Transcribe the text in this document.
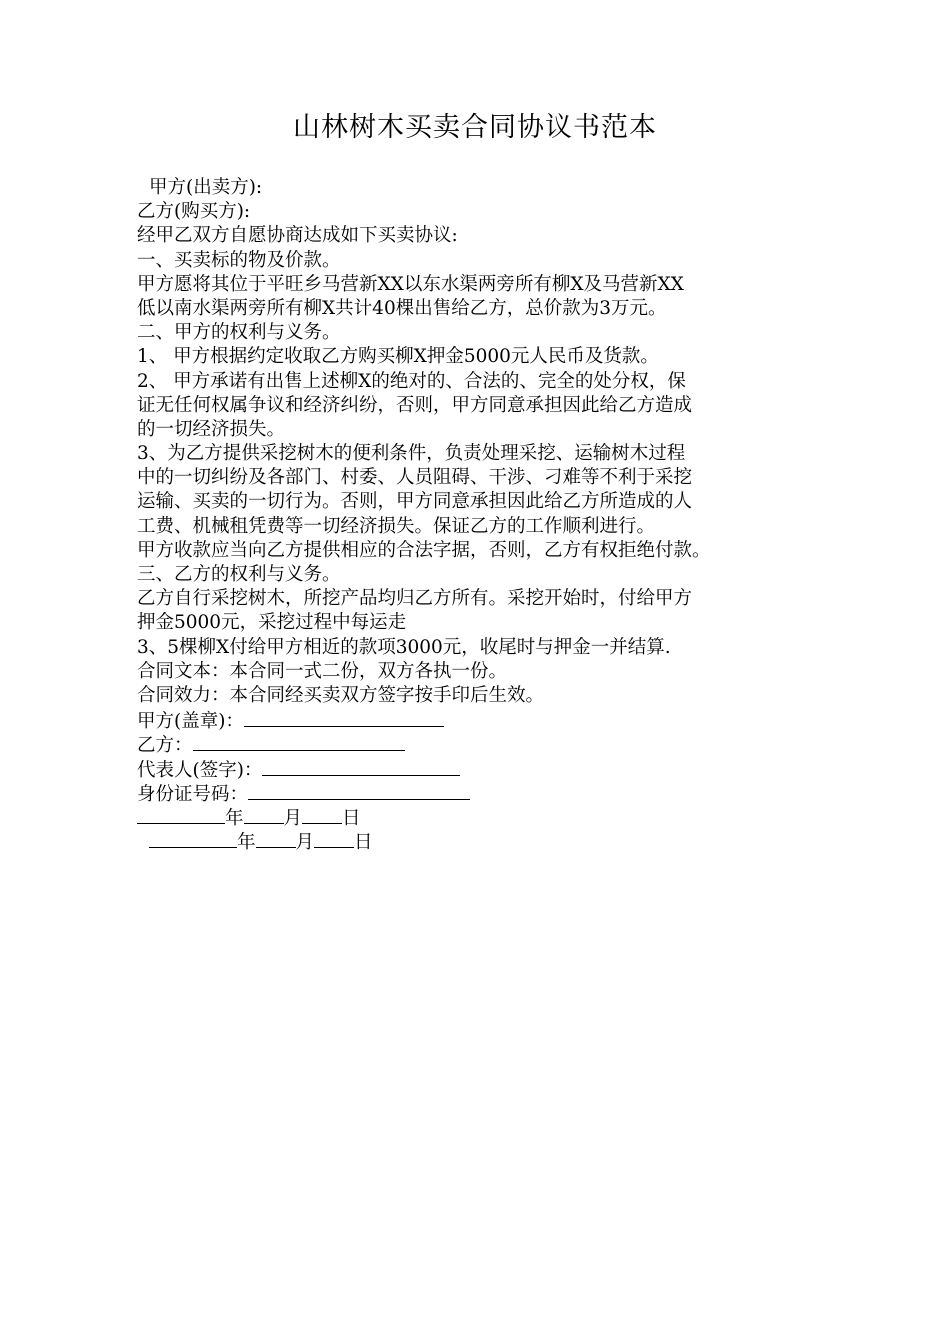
山林树木买卖合同协议书范本
甲方(出卖方):
乙方(购买方):
经甲乙双方自愿协商达成如下买卖协议:
一、买卖标的物及价款。
甲方愿将其位于平旺乡马营新XX以东水渠两旁所有柳X及马营新XX
低以南水渠两旁所有柳X共计40棵出售给乙方，总价款为3万元。
二、甲方的权利与义务。
1、 甲方根据约定收取乙方购买柳X押金5000元人民币及货款。
2、 甲方承诺有出售上述柳X的绝对的、合法的、完全的处分权，保
证无任何权属争议和经济纠纷，否则，甲方同意承担因此给乙方造成
的一切经济损失。
3、为乙方提供采挖树木的便利条件，负责处理采挖、运输树木过程
中的一切纠纷及各部门、村委、人员阻碍、干涉、刁难等不利于采挖
运输、买卖的一切行为。否则，甲方同意承担因此给乙方所造成的人
工费、机械租凭费等一切经济损失。保证乙方的工作顺利进行。
甲方收款应当向乙方提供相应的合法字据，否则，乙方有权拒绝付款。
三、乙方的权利与义务。
乙方自行采挖树木，所挖产品均归乙方所有。采挖开始时，付给甲方
押金5000元，采挖过程中每运走
3、5棵柳X付给甲方相近的款项3000元，收尾时与押金一并结算.
合同文本：本合同一式二份，双方各执一份。
合同效力：本合同经买卖双方签字按手印后生效。
甲方(盖章)：
乙方：
代表人(签字)：
身份证号码：
年 月 日
年 月 日
